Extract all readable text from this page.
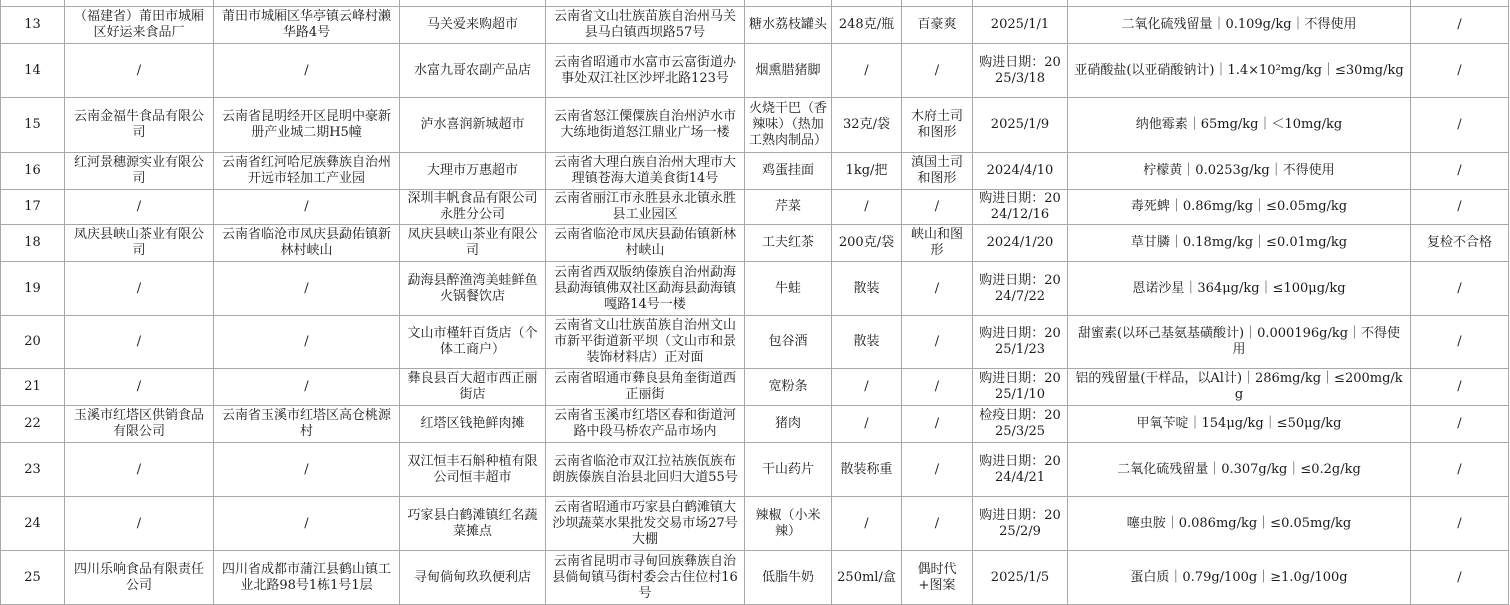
13	（福建省）莆田市城厢区好运来食品厂	莆田市城厢区华亭镇云峰村濑华路4号	马关爱来购超市	云南省文山壮族苗族自治州马关县马白镇西坝路57号	糖水荔枝罐头	248克/瓶	百豪爽	2025/1/1	二氧化硫残留量｜0.109g/kg｜不得使用	/
14	/	/	水富九哥农副产品店	云南省昭通市水富市云富街道办事处双江社区沙坪北路123号	烟熏腊猪脚	/	/	购进日期：2025/3/18	亚硝酸盐(以亚硝酸钠计)｜1.4×10²mg/kg｜≤30mg/kg	/
15	云南金福牛食品有限公司	云南省昆明经开区昆明中豪新册产业城二期H5幢	泸水喜润新城超市	云南省怒江傈僳族自治州泸水市大练地街道怒江鼎业广场一楼	火烧干巴（香辣味）（热加工熟肉制品）	32克/袋	木府土司和图形	2025/1/9	纳他霉素｜65mg/kg｜＜10mg/kg	/
16	红河景穗源实业有限公司	云南省红河哈尼族彝族自治州开远市轻加工产业园	大理市万惠超市	云南省大理白族自治州大理市大理镇苍海大道美食街14号	鸡蛋挂面	1kg/把	滇国土司和图形	2024/4/10	柠檬黄｜0.0253g/kg｜不得使用	/
17	/	/	深圳丰帆食品有限公司永胜分公司	云南省丽江市永胜县永北镇永胜县工业园区	芹菜	/	/	购进日期：2024/12/16	毒死蜱｜0.86mg/kg｜≤0.05mg/kg	/
18	凤庆县峡山茶业有限公司	云南省临沧市凤庆县勐佑镇新林村峡山	凤庆县峡山茶业有限公司	云南省临沧市凤庆县勐佑镇新林村峡山	工夫红茶	200克/袋	峡山和图形	2024/1/20	草甘膦｜0.18mg/kg｜≤0.01mg/kg	复检不合格
19	/	/	勐海县醉渔湾美蛙鲜鱼火锅餐饮店	云南省西双版纳傣族自治州勐海县勐海镇佛双社区勐海县勐海镇嘎路14号一楼	牛蛙	散装	/	购进日期：2024/7/22	恩诺沙星｜364μg/kg｜≤100μg/kg	/
20	/	/	文山市槿轩百货店（个体工商户）	云南省文山壮族苗族自治州文山市新平街道新平坝（文山市和景装饰材料店）正对面	包谷酒	散装	/	购进日期：2025/1/23	甜蜜素(以环己基氨基磺酸计)｜0.000196g/kg｜不得使用	/
21	/	/	彝良县百大超市西正丽街店	云南省昭通市彝良县角奎街道西正丽街	宽粉条	/	/	购进日期：2025/1/10	铝的残留量(干样品，以Al计)｜286mg/kg｜≤200mg/kg	/
22	玉溪市红塔区供销食品有限公司	云南省玉溪市红塔区高仓桃源村	红塔区钱艳鲜肉摊	云南省玉溪市红塔区春和街道河路中段马桥农产品市场内	猪肉	/	/	检疫日期：2025/3/25	甲氧苄啶｜154μg/kg｜≤50μg/kg	/
23	/	/	双江恒丰石斛种植有限公司恒丰超市	云南省临沧市双江拉祜族佤族布朗族傣族自治县北回归大道55号	干山药片	散装称重	/	购进日期：2024/4/21	二氧化硫残留量｜0.307g/kg｜≤0.2g/kg	/
24	/	/	巧家县白鹤滩镇红名蔬菜摊点	云南省昭通市巧家县白鹤滩镇大沙坝蔬菜水果批发交易市场27号大棚	辣椒（小米辣）	/	/	购进日期：2025/2/9	噻虫胺｜0.086mg/kg｜≤0.05mg/kg	/
25	四川乐响食品有限责任公司	四川省成都市蒲江县鹤山镇工业北路98号1栋1号1层	寻甸倘甸玖玖便利店	云南省昆明市寻甸回族彝族自治县倘甸镇马街村委会古住位村16号	低脂牛奶	250ml/盒	偶时代+图案	2025/1/5	蛋白质｜0.79g/100g｜≥1.0g/100g	/
